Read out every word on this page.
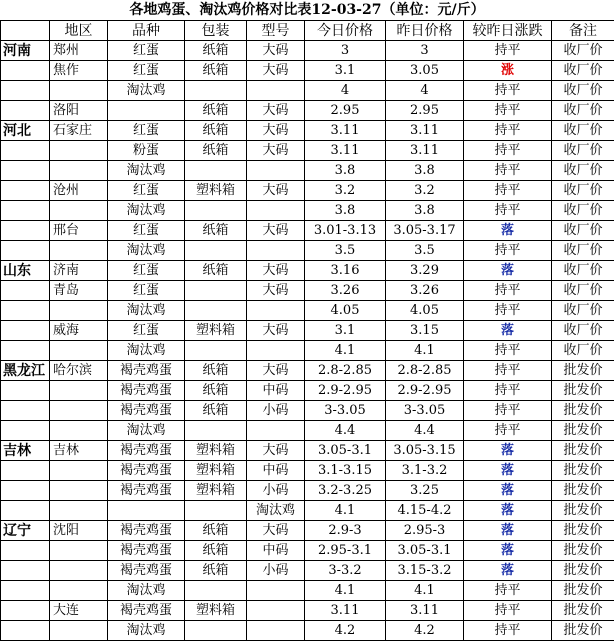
各地鸡蛋、淘汰鸡价格对比表12-03-27（单位：元/斤）
	地区	品种	包装	型号	今日价格	昨日价格	较昨日涨跌	备注
河南	郑州	红蛋	纸箱	大码	3	3	持平	收厂价
	焦作	红蛋	纸箱	大码	3.1	3.05	涨	收厂价
		淘汰鸡			4	4	持平	收厂价
	洛阳		纸箱	大码	2.95	2.95	持平	收厂价
河北	石家庄	红蛋	纸箱	大码	3.11	3.11	持平	收厂价
		粉蛋	纸箱	大码	3.11	3.11	持平	收厂价
		淘汰鸡			3.8	3.8	持平	收厂价
	沧州	红蛋	塑料箱	大码	3.2	3.2	持平	收厂价
		淘汰鸡			3.8	3.8	持平	收厂价
	邢台	红蛋	纸箱	大码	3.01-3.13	3.05-3.17	落	收厂价
		淘汰鸡			3.5	3.5	持平	收厂价
山东	济南	红蛋	纸箱	大码	3.16	3.29	落	收厂价
	青岛	红蛋		大码	3.26	3.26	持平	收厂价
		淘汰鸡			4.05	4.05	持平	收厂价
	威海	红蛋	塑料箱	大码	3.1	3.15	落	收厂价
		淘汰鸡			4.1	4.1	持平	收厂价
黑龙江	哈尔滨	褐壳鸡蛋	纸箱	大码	2.8-2.85	2.8-2.85	持平	批发价
		褐壳鸡蛋	纸箱	中码	2.9-2.95	2.9-2.95	持平	批发价
		褐壳鸡蛋	纸箱	小码	3-3.05	3-3.05	持平	批发价
		淘汰鸡			4.4	4.4	持平	批发价
吉林	吉林	褐壳鸡蛋	塑料箱	大码	3.05-3.1	3.05-3.15	落	批发价
		褐壳鸡蛋	塑料箱	中码	3.1-3.15	3.1-3.2	落	批发价
		褐壳鸡蛋	塑料箱	小码	3.2-3.25	3.25	落	批发价
				淘汰鸡	4.1	4.15-4.2	落	批发价
辽宁	沈阳	褐壳鸡蛋	纸箱	大码	2.9-3	2.95-3	落	批发价
		褐壳鸡蛋	纸箱	中码	2.95-3.1	3.05-3.1	落	批发价
		褐壳鸡蛋	纸箱	小码	3-3.2	3.15-3.2	落	批发价
		淘汰鸡			4.1	4.1	持平	批发价
	大连	褐壳鸡蛋	塑料箱		3.11	3.11	持平	批发价
		淘汰鸡			4.2	4.2	持平	批发价
